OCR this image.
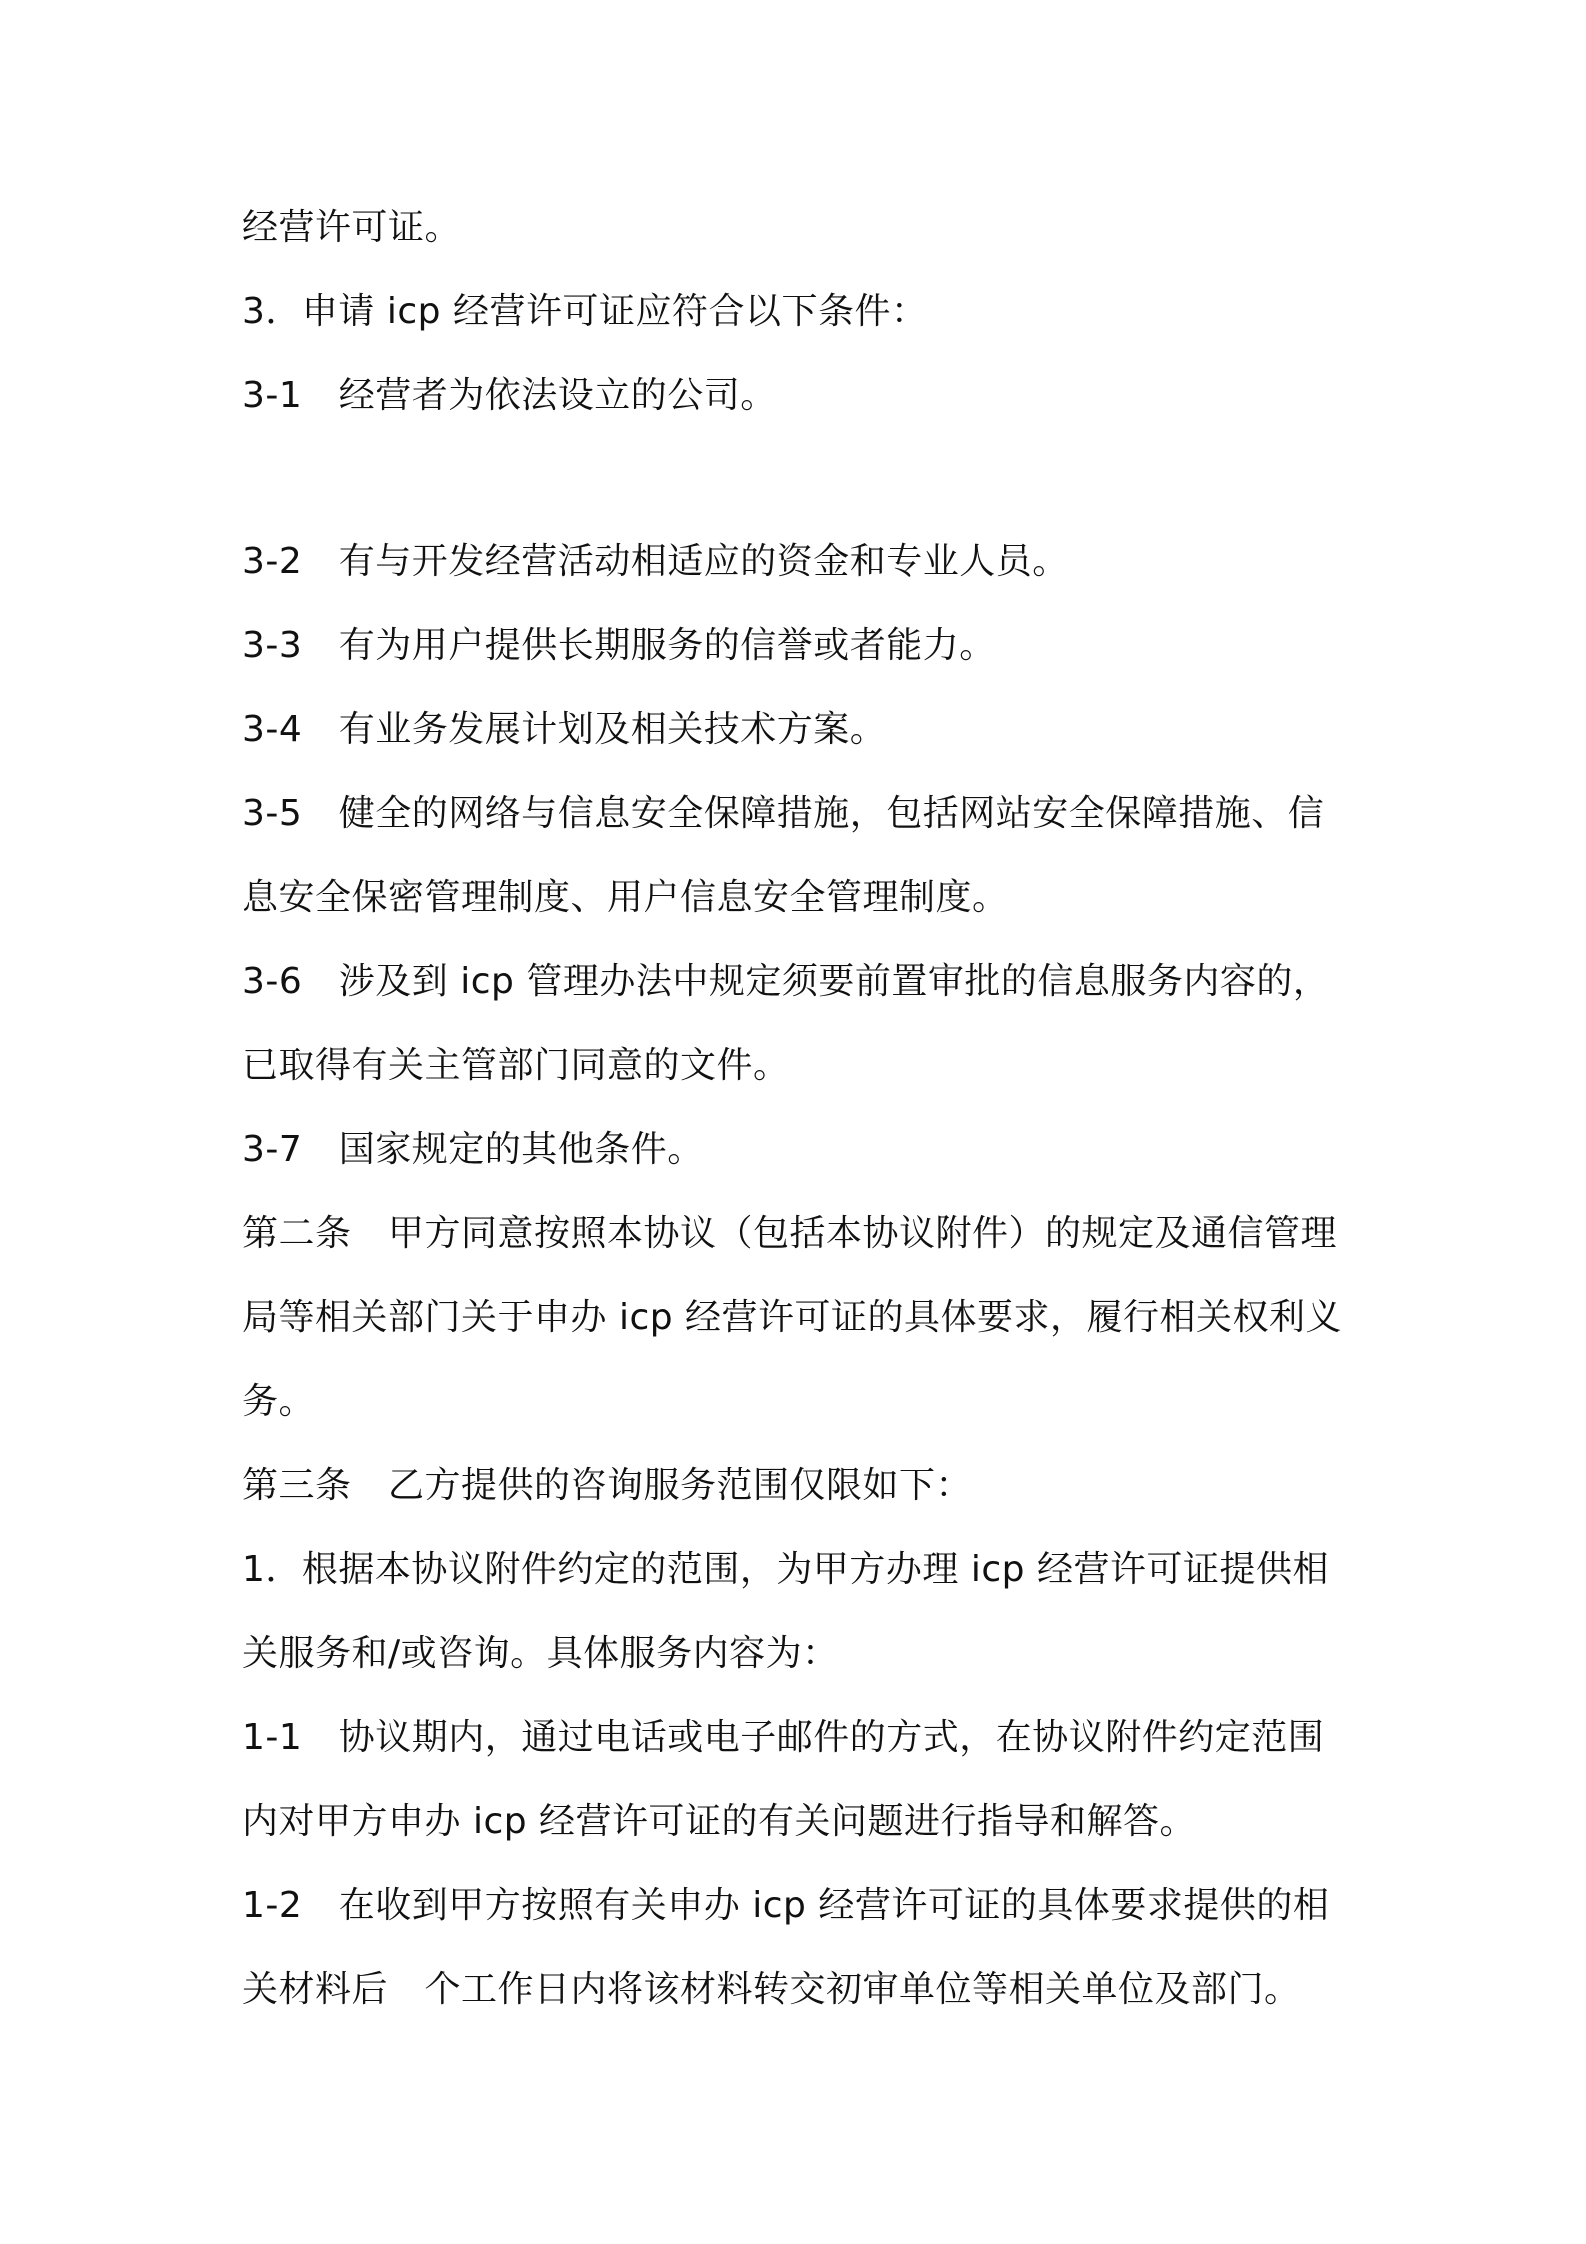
经营许可证。
3．申请 icp 经营许可证应符合以下条件：
3-1　经营者为依法设立的公司。
3-2　有与开发经营活动相适应的资金和专业人员。
3-3　有为用户提供长期服务的信誉或者能力。
3-4　有业务发展计划及相关技术方案。
3-5　健全的网络与信息安全保障措施，包括网站安全保障措施、信
息安全保密管理制度、用户信息安全管理制度。
3-6　涉及到 icp 管理办法中规定须要前置审批的信息服务内容的，
已取得有关主管部门同意的文件。
3-7　国家规定的其他条件。
第二条　甲方同意按照本协议（包括本协议附件）的规定及通信管理
局等相关部门关于申办 icp 经营许可证的具体要求，履行相关权利义
务。
第三条　乙方提供的咨询服务范围仅限如下：
1．根据本协议附件约定的范围，为甲方办理 icp 经营许可证提供相
关服务和/或咨询。具体服务内容为：
1-1　协议期内，通过电话或电子邮件的方式，在协议附件约定范围
内对甲方申办 icp 经营许可证的有关问题进行指导和解答。
1-2　在收到甲方按照有关申办 icp 经营许可证的具体要求提供的相
关材料后　个工作日内将该材料转交初审单位等相关单位及部门。
